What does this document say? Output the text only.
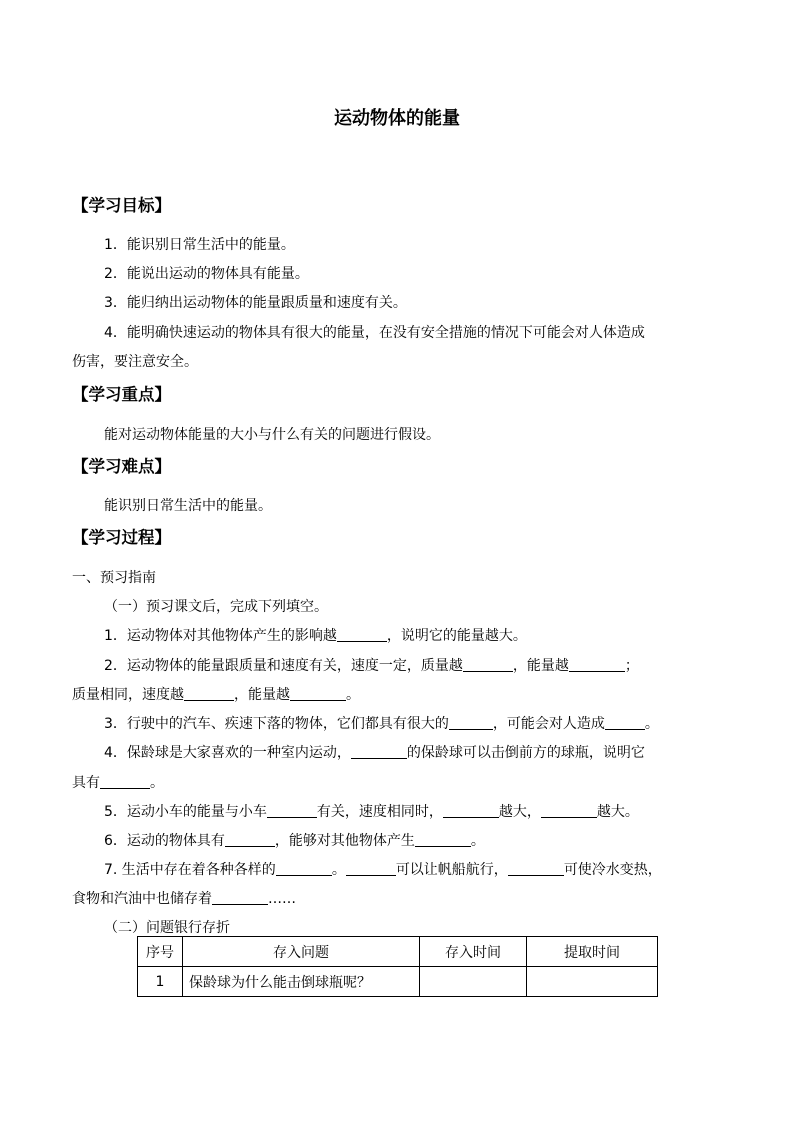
运动物体的能量
【学习目标】
1．能识别日常生活中的能量。
2．能说出运动的物体具有能量。
3．能归纳出运动物体的能量跟质量和速度有关。
4．能明确快速运动的物体具有很大的能量，在没有安全措施的情况下可能会对人体造成
伤害，要注意安全。
【学习重点】
能对运动物体能量的大小与什么有关的问题进行假设。
【学习难点】
能识别日常生活中的能量。
【学习过程】
一、预习指南
（一）预习课文后，完成下列填空。
1．运动物体对其他物体产生的影响越	，说明它的能量越大。
2．运动物体的能量跟质量和速度有关，速度一定，质量越	，能量越	；
质量相同，速度越	，能量越	。
3．行驶中的汽车、疾速下落的物体，它们都具有很大的	，可能会对人造成	。
4．保龄球是大家喜欢的一种室内运动，	的保龄球可以击倒前方的球瓶，说明它
具有	。
5．运动小车的能量与小车	有关，速度相同时，	越大，	越大。
6．运动的物体具有	，能够对其他物体产生	。
7. 生活中存在着各种各样的	。	可以让帆船航行，	可使冷水变热，
食物和汽油中也储存着	……
（二）问题银行存折
序号	存入问题	存入时间	提取时间
1	保龄球为什么能击倒球瓶呢？		
